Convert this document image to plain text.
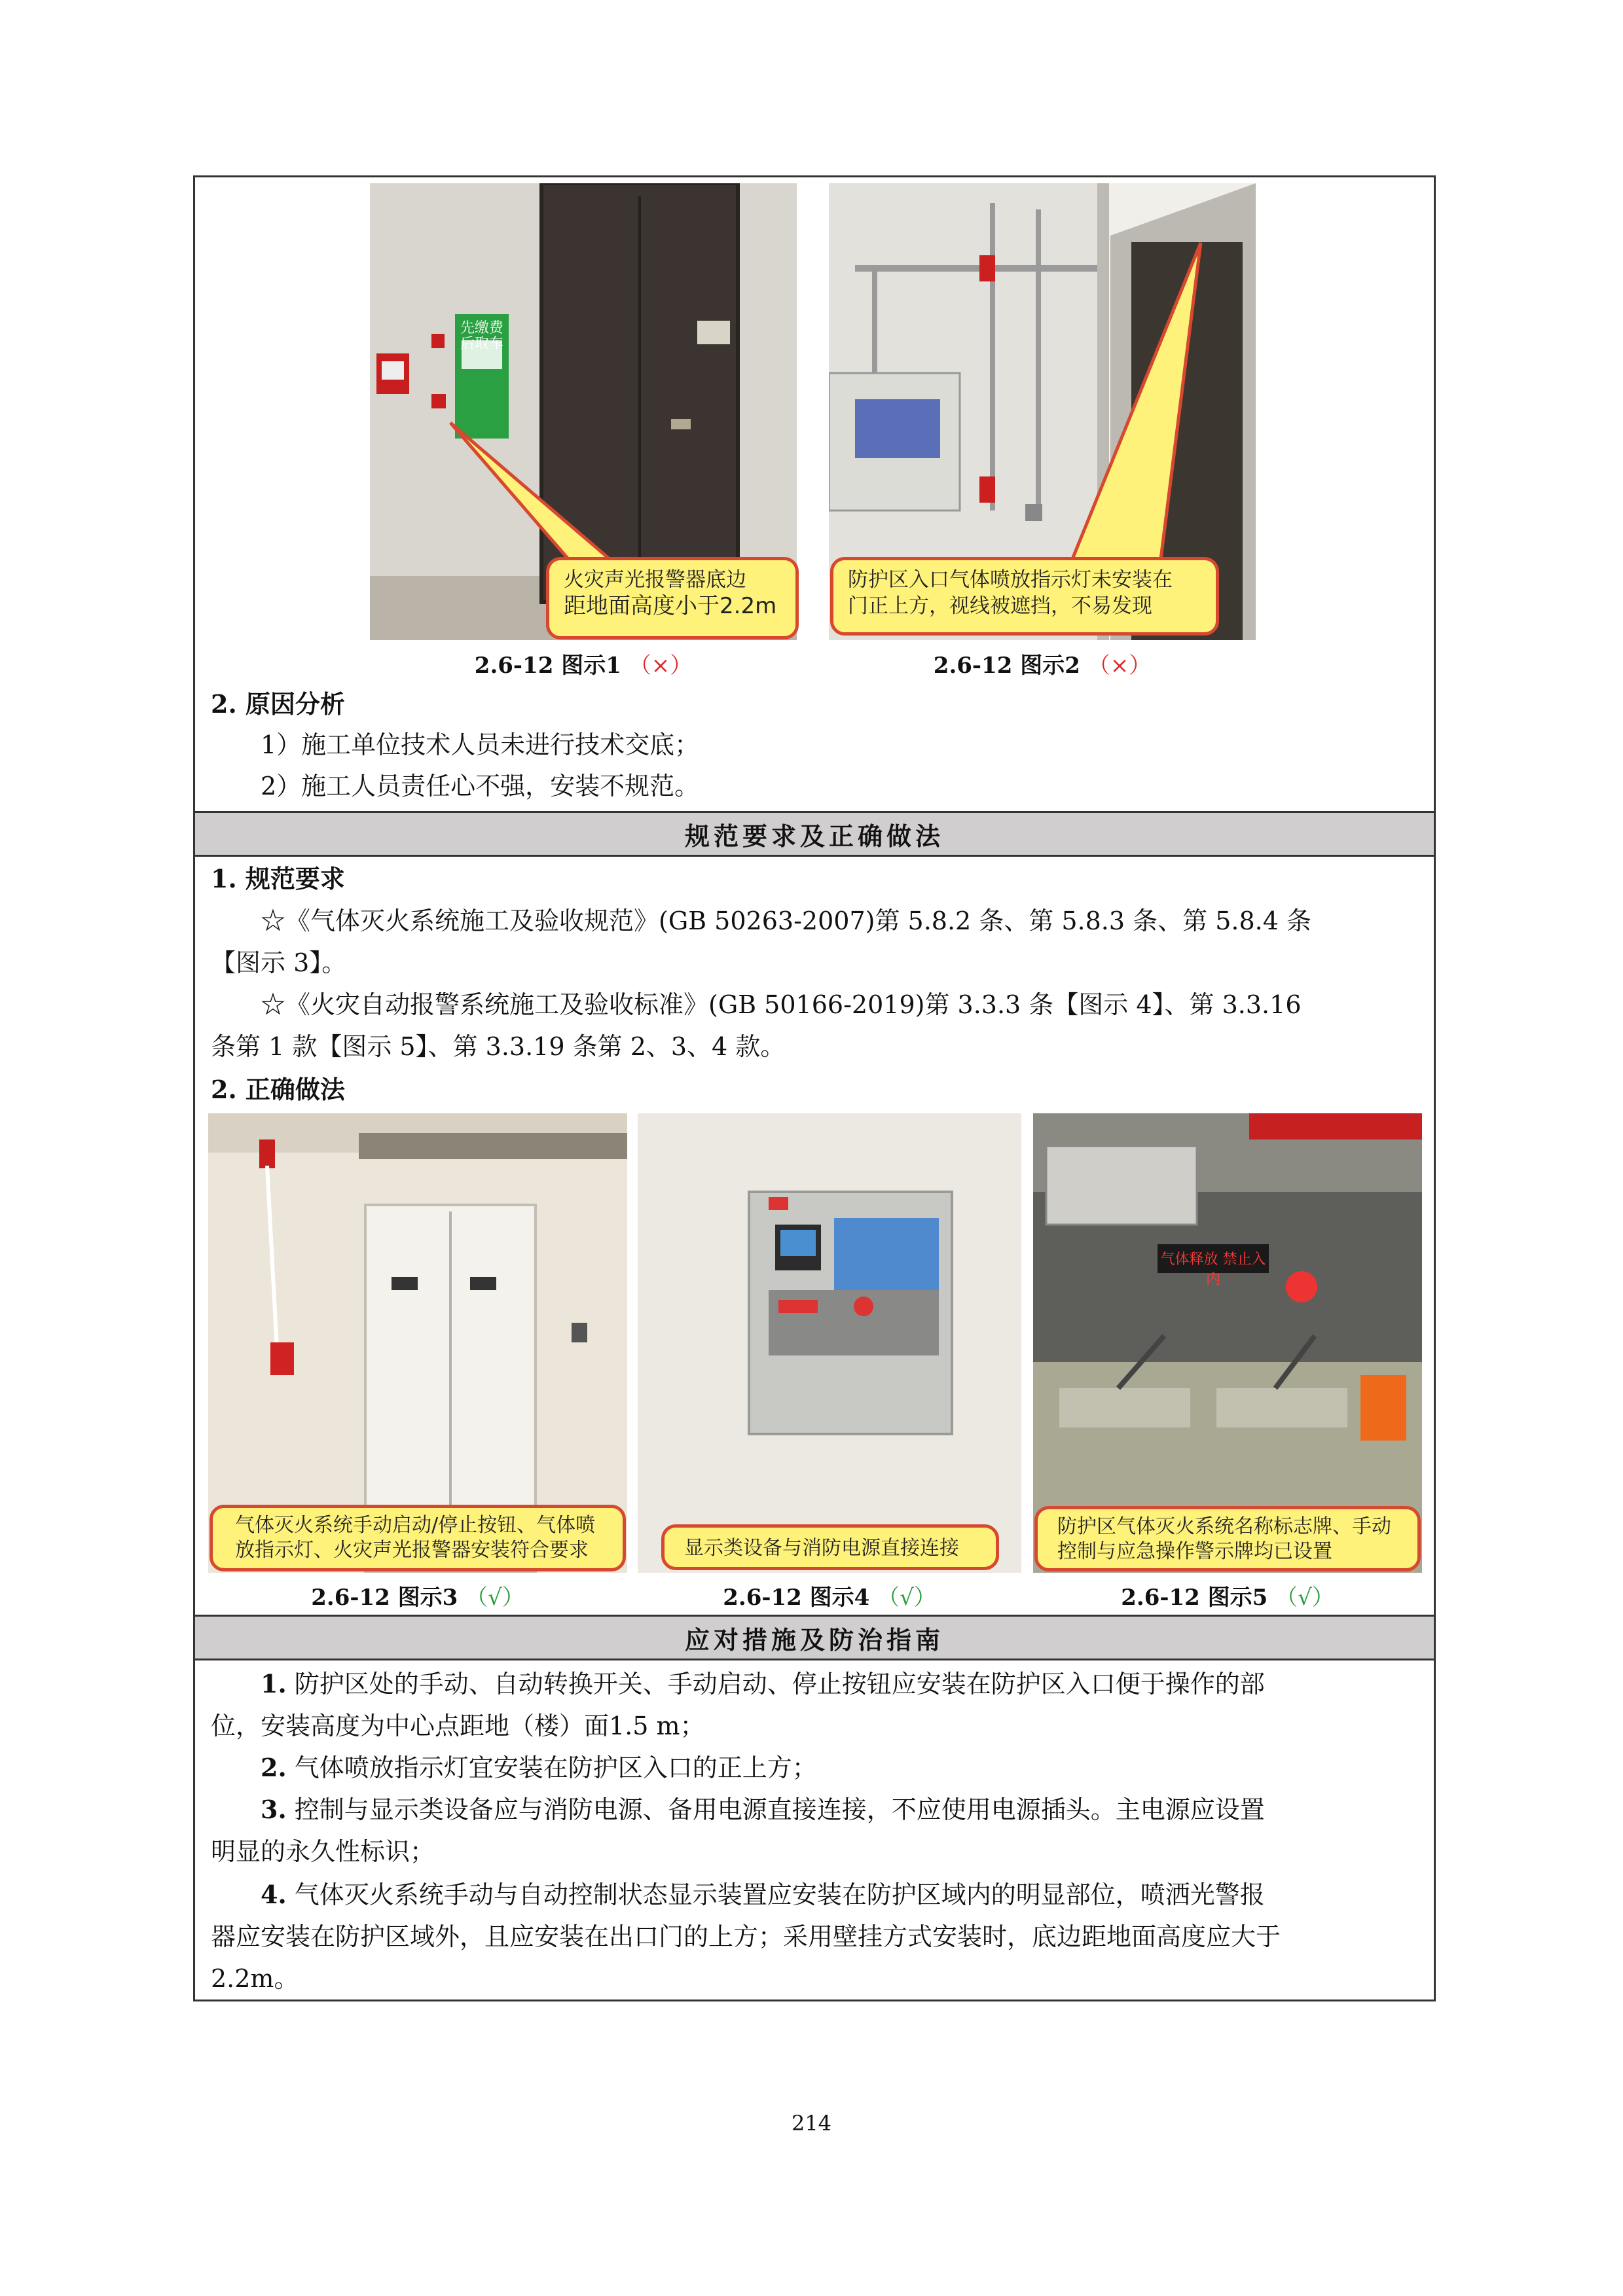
先缴费 后取车
火灾声光报警器底边
距地面高度小于2.2m
防护区入口气体喷放指示灯未安装在
门正上方，视线被遮挡，不易发现
2.6-12 图示1 （×）	2.6-12 图示2 （×）
2. 原因分析
1）施工单位技术人员未进行技术交底；
2）施工人员责任心不强，安装不规范。
规范要求及正确做法
1. 规范要求
☆《气体灭火系统施工及验收规范》(GB 50263-2007)第 5.8.2 条、第 5.8.3 条、第 5.8.4 条
【图示 3】。
☆《火灾自动报警系统施工及验收标准》(GB 50166-2019)第 3.3.3 条【图示 4】、第 3.3.16
条第 1 款【图示 5】、第 3.3.19 条第 2、3、4 款。
2. 正确做法
气体释放 禁止入内
气体灭火系统手动启动/停止按钮、气体喷
放指示灯、火灾声光报警器安装符合要求	显示类设备与消防电源直接连接
防护区气体灭火系统名称标志牌、手动
控制与应急操作警示牌均已设置
2.6-12 图示3 （√）	2.6-12 图示4 （√）	2.6-12 图示5 （√）
应对措施及防治指南
1. 防护区处的手动、自动转换开关、手动启动、停止按钮应安装在防护区入口便于操作的部
位，安装高度为中心点距地（楼）面1.5 m；
2. 气体喷放指示灯宜安装在防护区入口的正上方；
3. 控制与显示类设备应与消防电源、备用电源直接连接，不应使用电源插头。主电源应设置
明显的永久性标识；
4. 气体灭火系统手动与自动控制状态显示装置应安装在防护区域内的明显部位，喷洒光警报
器应安装在防护区域外，且应安装在出口门的上方；采用壁挂方式安装时，底边距地面高度应大于
2.2m。
214
